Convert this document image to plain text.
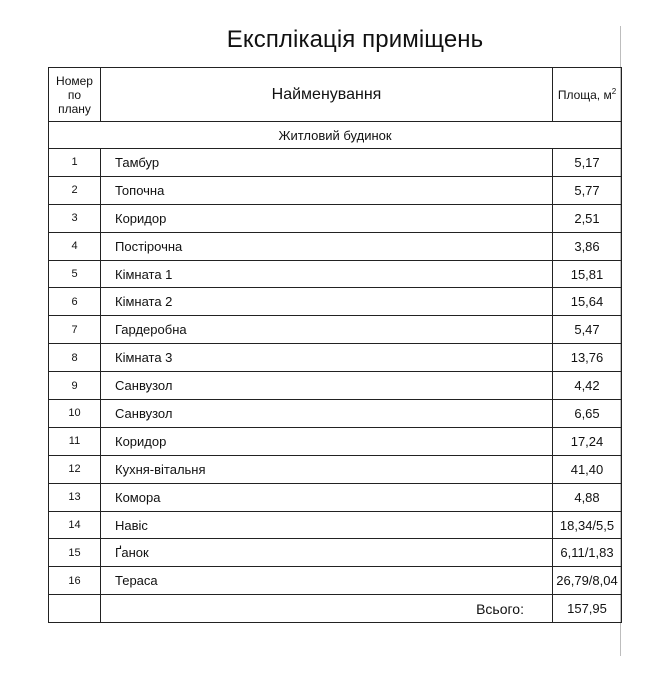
Експлікація приміщень
Номер
по
плану	Найменування	Площа, $м^2$
Житловий будинок		
1	Тамбур	5,17
2	Топочна	5,77
3	Коридор	2,51
4	Постірочна	3,86
5	Кімната 1	15,81
6	Кімната 2	15,64
7	Гардеробна	5,47
8	Кімната 3	13,76
9	Санвузол	4,42
10	Санвузол	6,65
11	Коридор	17,24
12	Кухня-вітальня	41,40
13	Комора	4,88
14	Навіс	18,34/5,5
15	Ґанок	6,11/1,83
16	Тераса	26,79/8,04
	Всього:	157,95
